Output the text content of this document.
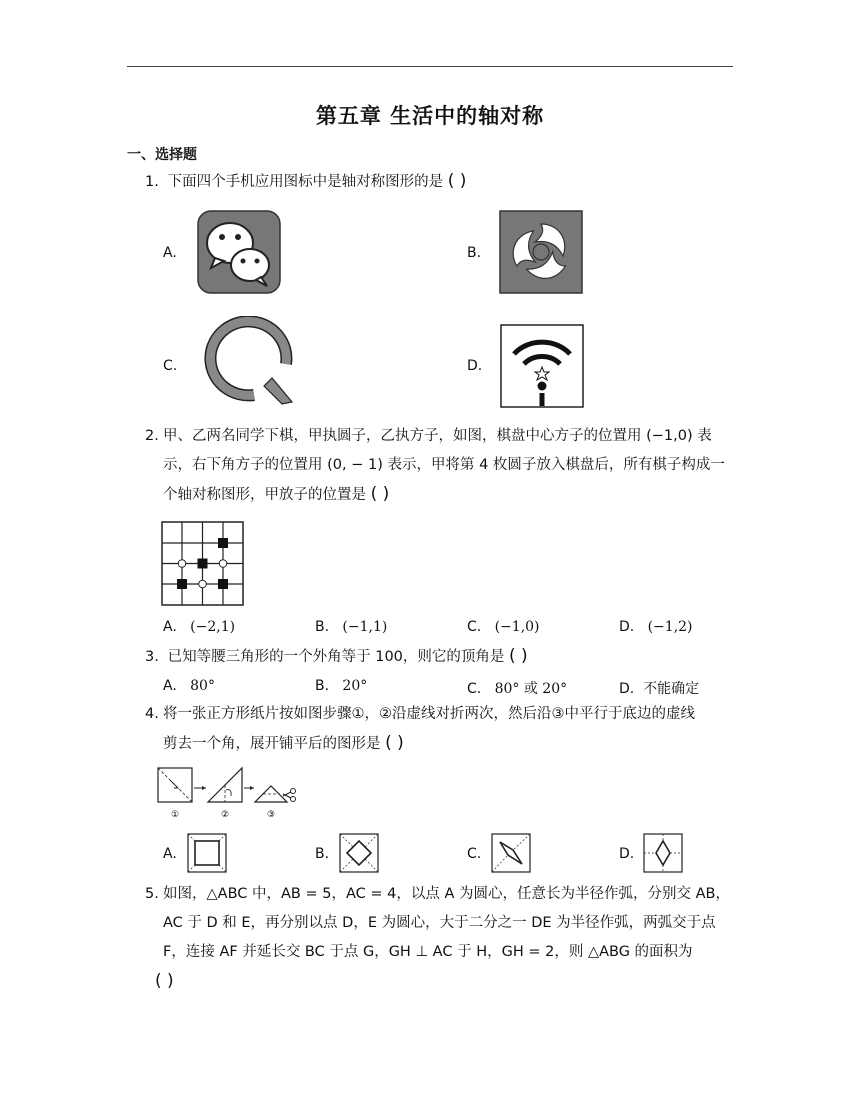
第五章 生活中的轴对称
一、选择题
1. 下面四个手机应用图标中是轴对称图形的是 ( )
A.	B.
C.	D.
2. 甲、乙两名同学下棋，甲执圆子，乙执方子，如图，棋盘中心方子的位置用 (−1,0) 表
示，右下角方子的位置用 (0, − 1) 表示，甲将第 4 枚圆子放入棋盘后，所有棋子构成一
个轴对称图形，甲放子的位置是 ( )
A. (−2,1)	B. (−1,1)	C. (−1,0)	D. (−1,2)
3. 已知等腰三角形的一个外角等于 100，则它的顶角是 ( )
A. 80°	B. 20°	C. 80° 或 20°	D. 不能确定
4. 将一张正方形纸片按如图步骤①，②沿虚线对折两次，然后沿③中平行于底边的虚线
剪去一个角，展开铺平后的图形是 ( )
①	②	③
A.	B.	C.	D.
5. 如图，△ABC 中，AB = 5，AC = 4，以点 A 为圆心，任意长为半径作弧，分别交 AB，
AC 于 D 和 E，再分别以点 D，E 为圆心，大于二分之一 DE 为半径作弧，两弧交于点
F，连接 AF 并延长交 BC 于点 G，GH ⊥ AC 于 H，GH = 2，则 △ABG 的面积为
( )
